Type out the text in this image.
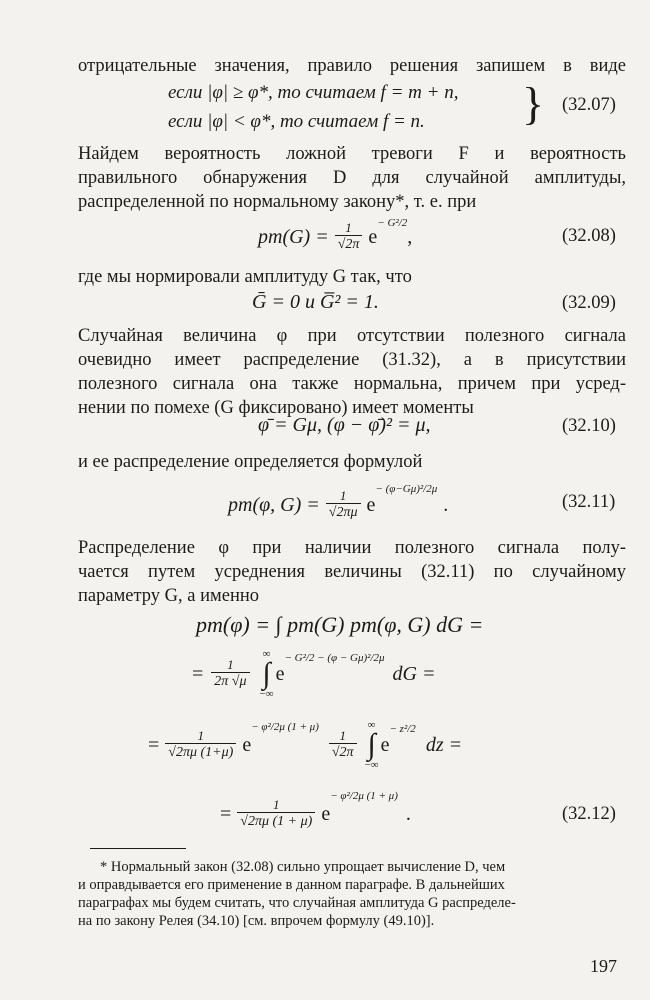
отрицательные значения, правило решения запишем в виде
если |φ| ≥ φ*, то считаем f = m + n,
если |φ| < φ*, то считаем f = n. } (32.07)
Найдем вероятность ложной тревоги F и вероятность
правильного обнаружения D для случайной амплитуды,
распределенной по нормальному закону*, т. е. при
$pm(G) = \frac{1}{√2\pi}$ e
− G²/2
,	(32.08)
где мы нормировали амплитуду G так, что
Ḡ = 0 и G̅² = 1.	(32.09)
Случайная величина φ при отсутствии полезного сигнала
очевидно имеет распределение (31.32), а в присутствии
полезного сигнала она также нормальна, причем при усред-
нении по помехе (G фиксировано) имеет моменты
φ̄ = Gμ, (φ − φ̄)² = μ,	(32.10)
и ее распределение определяется формулой
pm(φ, $G) = \frac{1}{√2\pi\mu}$ e
− (φ−Gμ)²/2μ
.	(32.11)
Распределение φ при наличии полезного сигнала полу-
чается путем усреднения величины (32.11) по случайному
параметру G, а именно
pm(φ) = ∫ pm(G) pm(φ, G) dG =
= $\frac{1}{2\pi √\mu}$
∞
∫
−∞
e
− G²/2 − (φ − Gμ)²/2μ
dG =
= $\frac{1}{√2\pi\mu (1+\mu)}$ e
− φ²/2μ (1 + μ)
$\frac{1}{√2\pi}$
∞
∫
−∞
e
− z²/2
dz =
= $\frac{1}{√2\pi\mu (1 + \mu)}$ e
− φ²/2μ (1 + μ)
.	(32.12)
* Нормальный закон (32.08) сильно упрощает вычисление D, чем
и оправдывается его применение в данном параграфе. В дальнейших
параграфах мы будем считать, что случайная амплитуда G распределе-
на по закону Релея (34.10) [см. впрочем формулу (49.10)].
197
